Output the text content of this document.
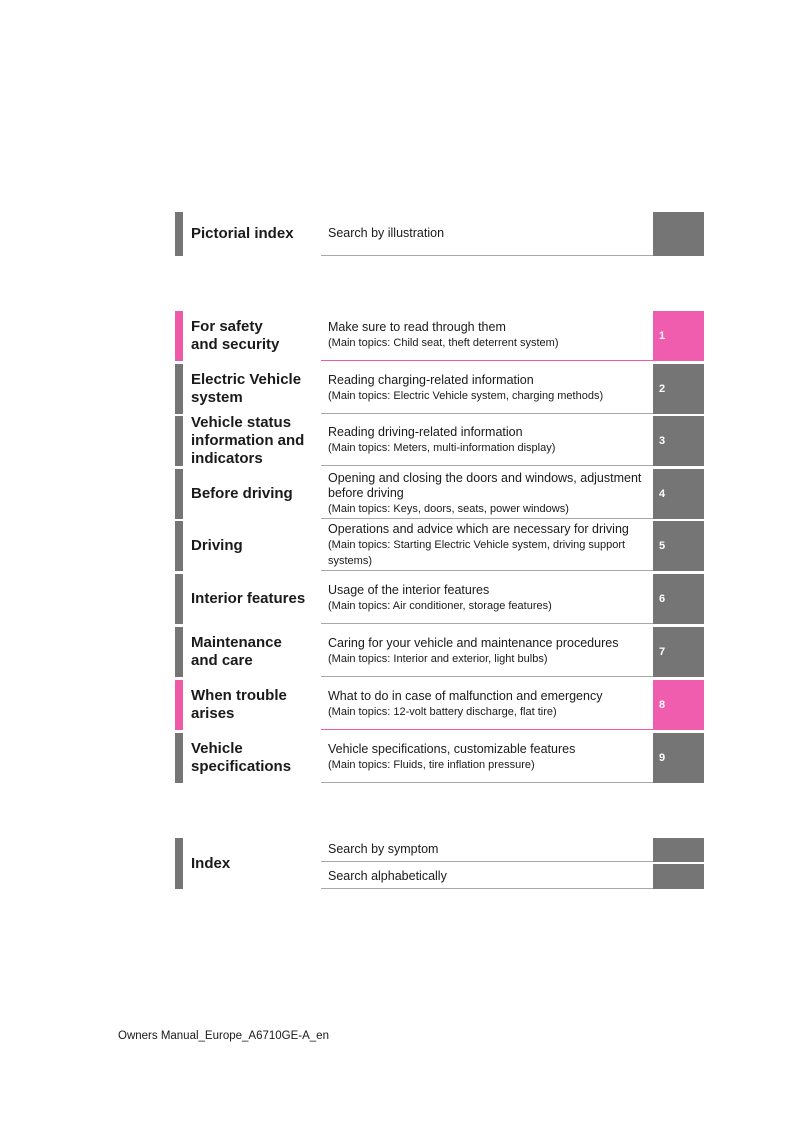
Pictorial index	Search by illustration
For safety
and security
Make sure to read through them
(Main topics: Child seat, theft deterrent system)
1
Electric Vehicle
system
Reading charging-related information
(Main topics: Electric Vehicle system, charging methods)
2
Vehicle status
information and
indicators
Reading driving-related information
(Main topics: Meters, multi-information display)
3
Before driving
Opening and closing the doors and windows, adjustment before driving
(Main topics: Keys, doors, seats, power windows)
4
Driving
Operations and advice which are necessary for driving
(Main topics: Starting Electric Vehicle system, driving support systems)
5
Interior features Usage of the interior features
(Main topics: Air conditioner, storage features)
6
Maintenance
and care
Caring for your vehicle and maintenance procedures
(Main topics: Interior and exterior, light bulbs)
7
When trouble
arises
What to do in case of malfunction and emergency
(Main topics: 12-volt battery discharge, flat tire)
8
Vehicle
specifications
Vehicle specifications, customizable features
(Main topics: Fluids, tire inflation pressure)
9
Index
Search by symptom
Search alphabetically
Owners Manual_Europe_A6710GE-A_en
